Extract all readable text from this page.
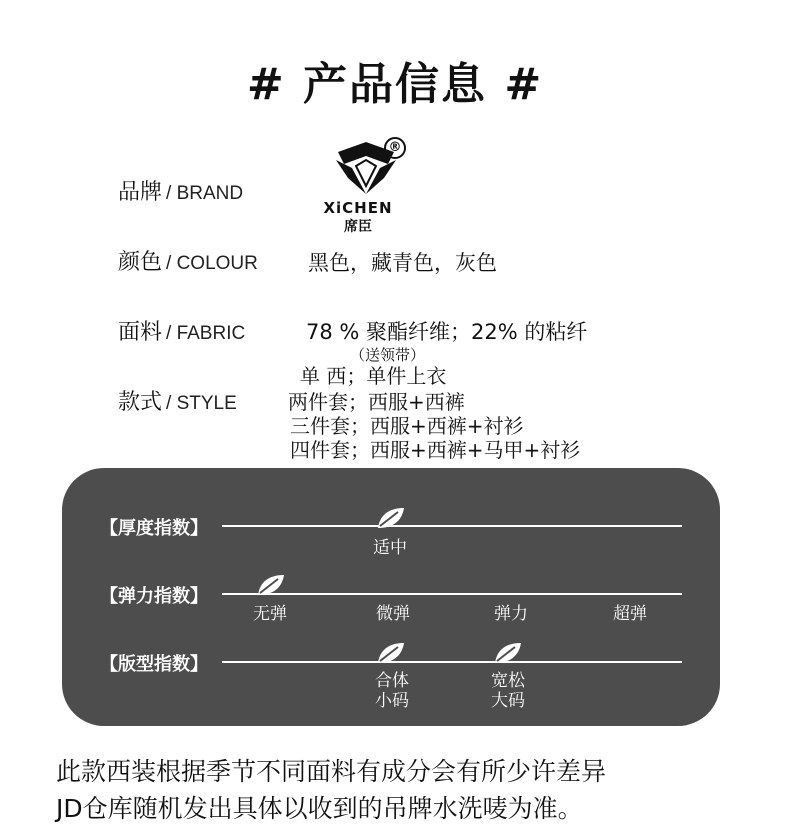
# 产品信息 #
品牌 / BRAND
®
XiCHEN
席臣
颜色 / COLOUR 黑色，藏青色，灰色
面料 / FABRIC	78 % 聚酯纤维；22% 的粘纤
（送领带）
款式 / STYLE
单 西；单件上衣
两件套；西服+西裤
三件套；西服+西裤+衬衫
四件套；西服+西裤+马甲+衬衫
【厚度指数】
适中
【弹力指数】
无弹	微弹	弹力	超弹
【版型指数】
合体
小码
宽松
大码
此款西装根据季节不同面料有成分会有所少许差异
JD仓库随机发出具体以收到的吊牌水洗唛为准。
